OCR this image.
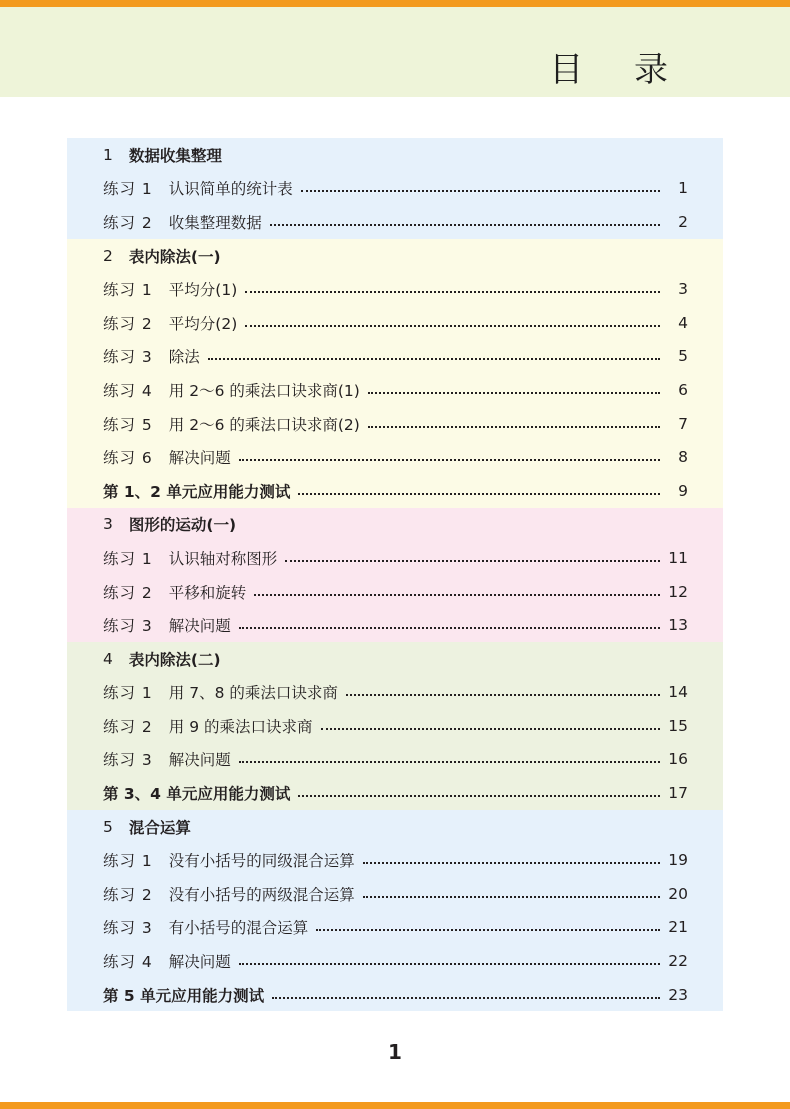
目 录
1 数据收集整理
练习 1 认识简单的统计表	1
练习 2 收集整理数据	2
2 表内除法(一)
练习 1 平均分(1)	3
练习 2 平均分(2)	4
练习 3 除法	5
练习 4 用 2～6 的乘法口诀求商(1)	6
练习 5 用 2～6 的乘法口诀求商(2)	7
练习 6 解决问题	8
第 1、2 单元应用能力测试	9
3 图形的运动(一)
练习 1 认识轴对称图形	11
练习 2 平移和旋转	12
练习 3 解决问题	13
4 表内除法(二)
练习 1 用 7、8 的乘法口诀求商	14
练习 2 用 9 的乘法口诀求商	15
练习 3 解决问题	16
第 3、4 单元应用能力测试	17
5 混合运算
练习 1 没有小括号的同级混合运算	19
练习 2 没有小括号的两级混合运算	20
练习 3 有小括号的混合运算	21
练习 4 解决问题	22
第 5 单元应用能力测试	23
1
